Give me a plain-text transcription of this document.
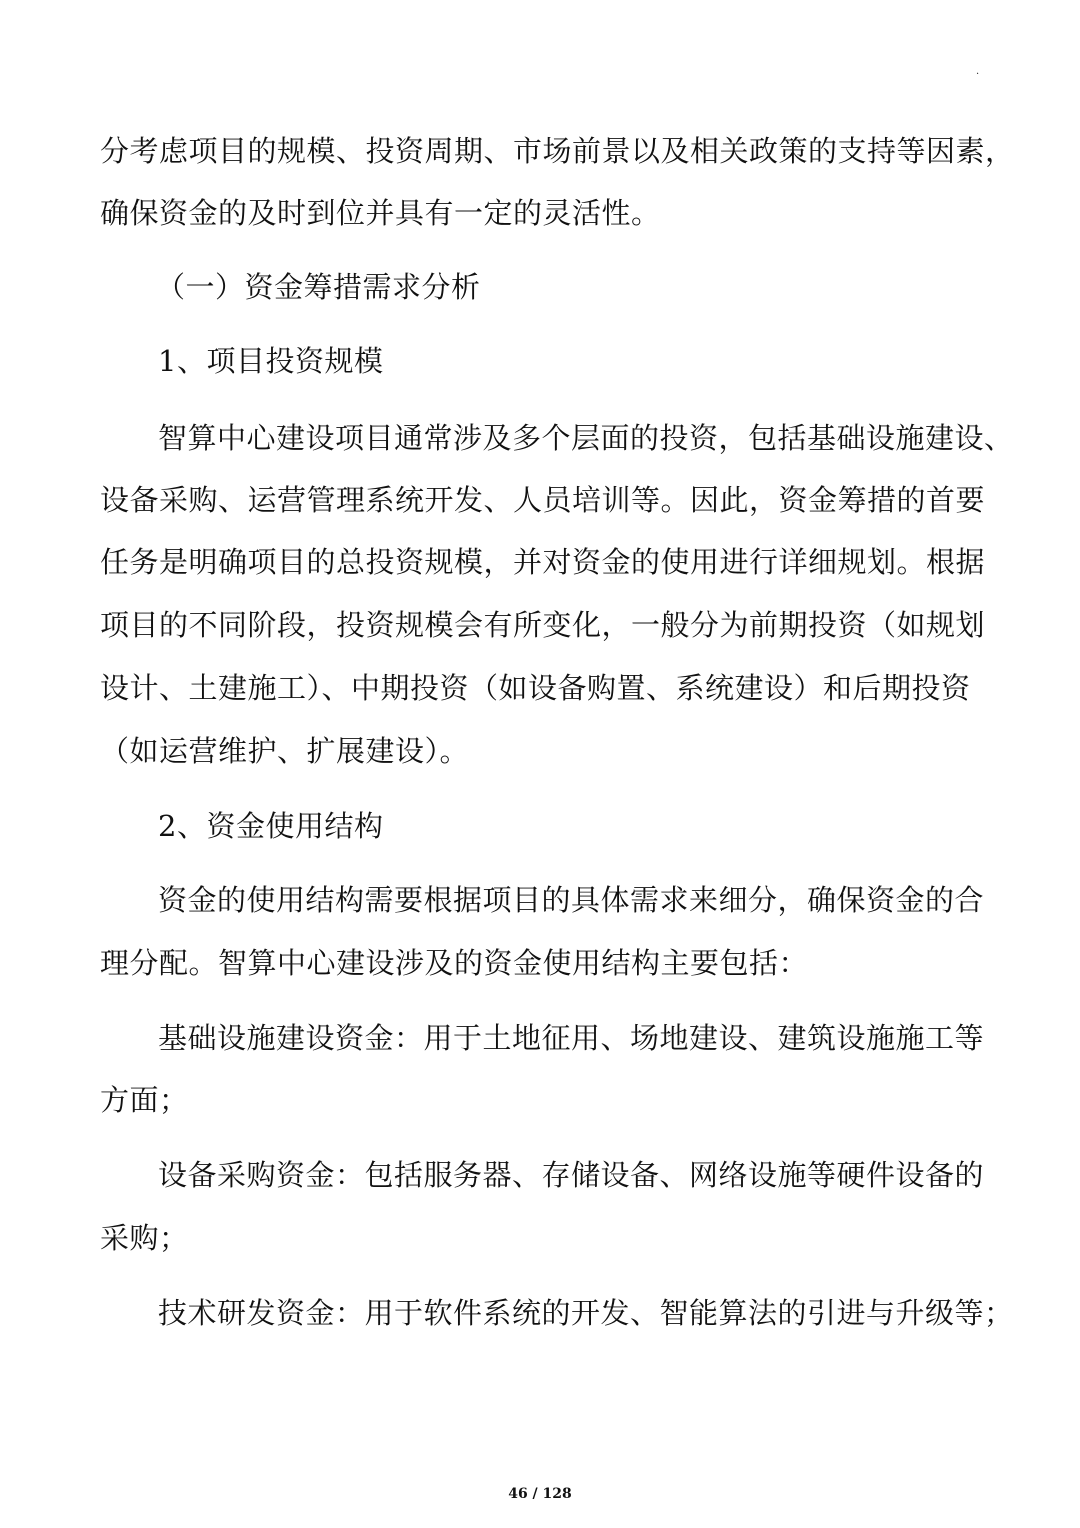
·
分考虑项目的规模、投资周期、市场前景以及相关政策的支持等因素，
确保资金的及时到位并具有一定的灵活性。
（一）资金筹措需求分析
1、项目投资规模
智算中心建设项目通常涉及多个层面的投资，包括基础设施建设、
设备采购、运营管理系统开发、人员培训等。因此，资金筹措的首要
任务是明确项目的总投资规模，并对资金的使用进行详细规划。根据
项目的不同阶段，投资规模会有所变化，一般分为前期投资（如规划
设计、土建施工）、中期投资（如设备购置、系统建设）和后期投资
（如运营维护、扩展建设）。
2、资金使用结构
资金的使用结构需要根据项目的具体需求来细分，确保资金的合
理分配。智算中心建设涉及的资金使用结构主要包括：
基础设施建设资金：用于土地征用、场地建设、建筑设施施工等
方面；
设备采购资金：包括服务器、存储设备、网络设施等硬件设备的
采购；
技术研发资金：用于软件系统的开发、智能算法的引进与升级等；
46 / 128
